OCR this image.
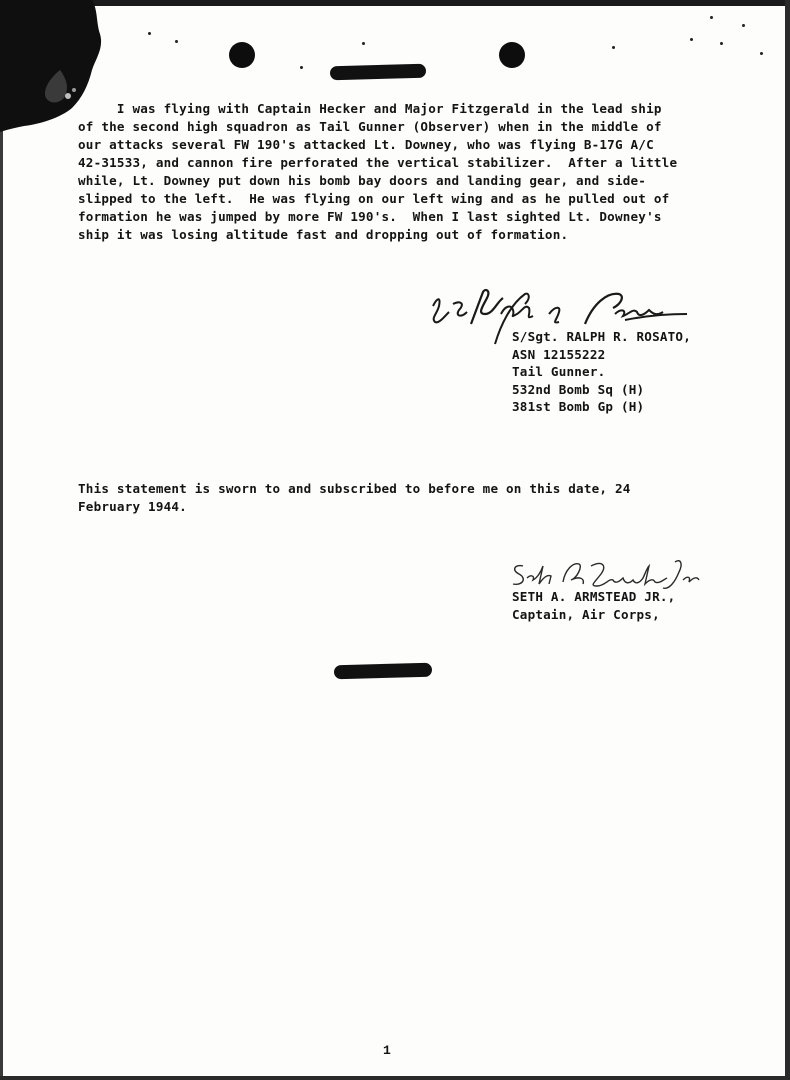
I was flying with Captain Hecker and Major Fitzgerald in the lead ship
of the second high squadron as Tail Gunner (Observer) when in the middle of
our attacks several FW 190's attacked Lt. Downey, who was flying B-17G A/C
42-31533, and cannon fire perforated the vertical stabilizer.  After a little
while, Lt. Downey put down his bomb bay doors and landing gear, and side-
slipped to the left.  He was flying on our left wing and as he pulled out of
formation he was jumped by more FW 190's.  When I last sighted Lt. Downey's
ship it was losing altitude fast and dropping out of formation.
S/Sgt. RALPH R. ROSATO,
ASN 12155222
Tail Gunner.
532nd Bomb Sq (H)
381st Bomb Gp (H)
This statement is sworn to and subscribed to before me on this date, 24
February 1944.
SETH A. ARMSTEAD JR.,
Captain, Air Corps,
1
